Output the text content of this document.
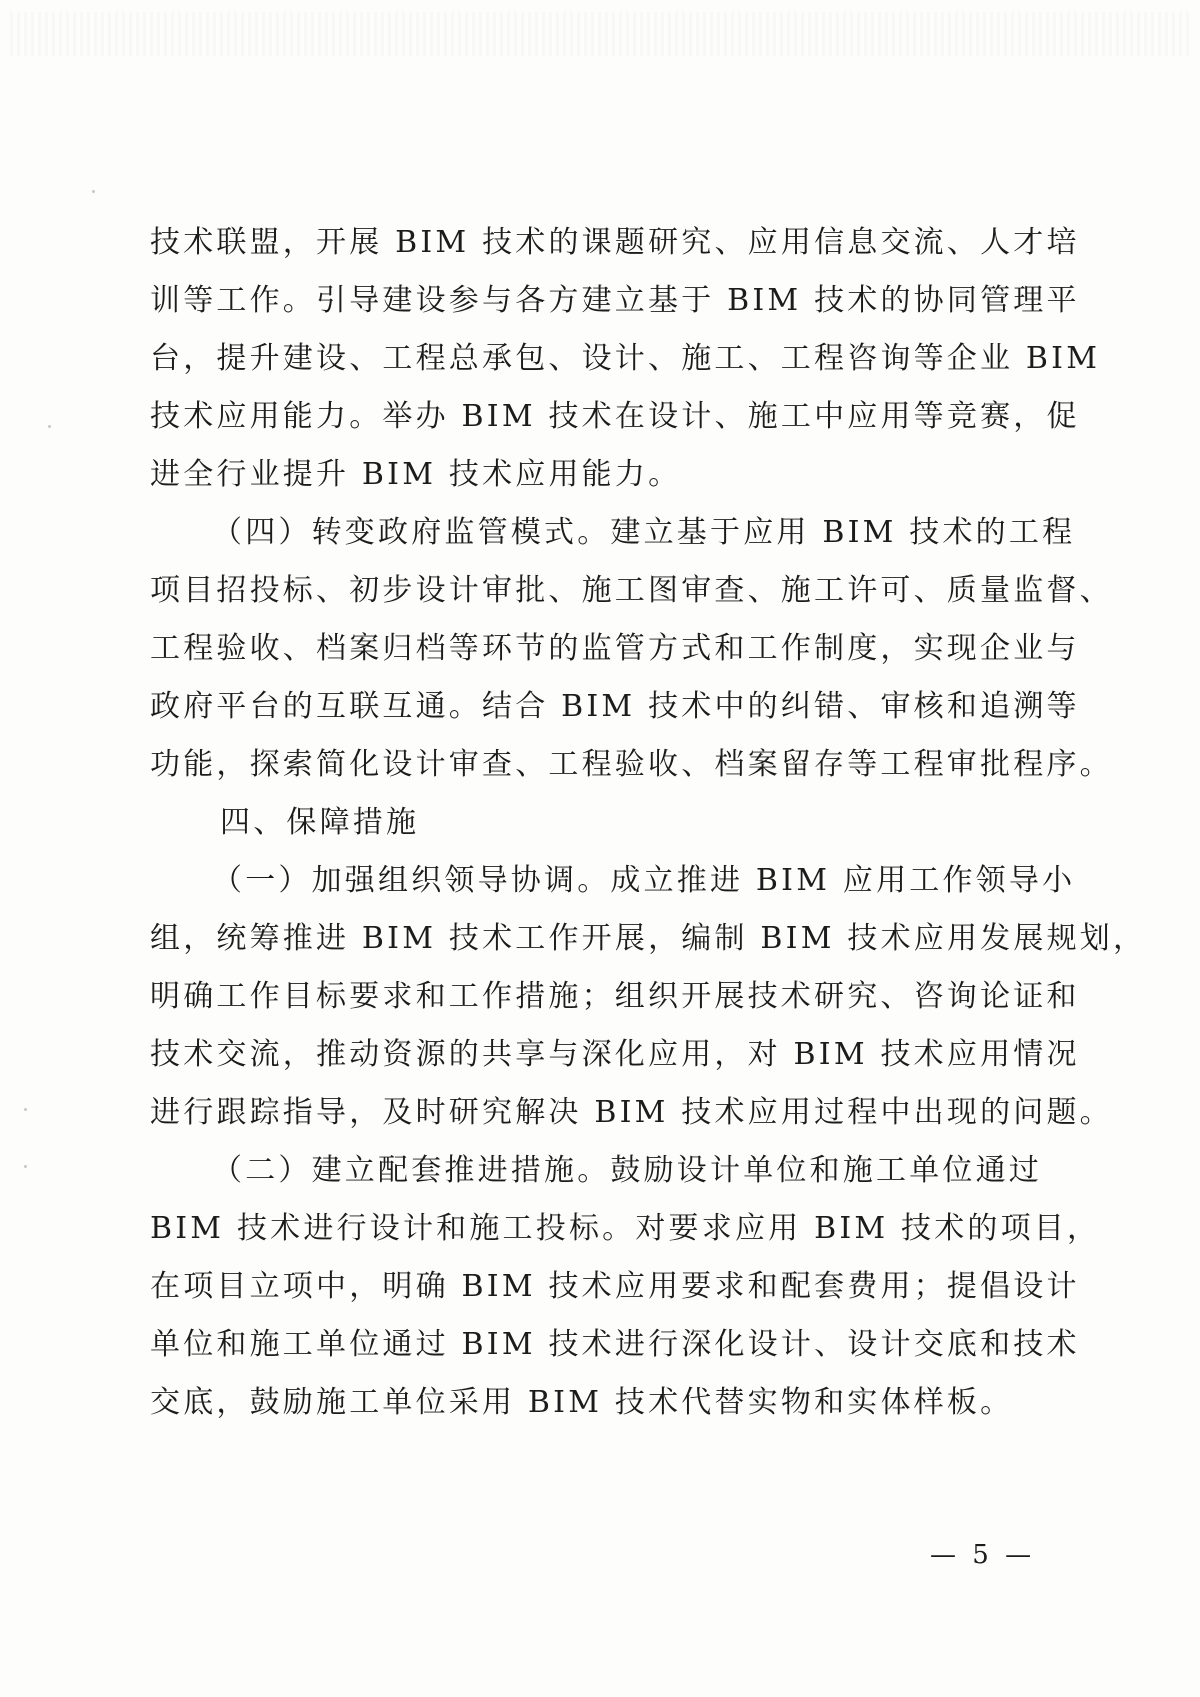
技术联盟，开展 BIM 技术的课题研究、应用信息交流、人才培
训等工作。引导建设参与各方建立基于 BIM 技术的协同管理平
台，提升建设、工程总承包、设计、施工、工程咨询等企业 BIM
技术应用能力。举办 BIM 技术在设计、施工中应用等竞赛，促
进全行业提升 BIM 技术应用能力。
（四）转变政府监管模式。建立基于应用 BIM 技术的工程
项目招投标、初步设计审批、施工图审查、施工许可、质量监督、
工程验收、档案归档等环节的监管方式和工作制度，实现企业与
政府平台的互联互通。结合 BIM 技术中的纠错、审核和追溯等
功能，探索简化设计审查、工程验收、档案留存等工程审批程序。
四、保障措施
（一）加强组织领导协调。成立推进 BIM 应用工作领导小
组，统筹推进 BIM 技术工作开展，编制 BIM 技术应用发展规划，
明确工作目标要求和工作措施；组织开展技术研究、咨询论证和
技术交流，推动资源的共享与深化应用，对 BIM 技术应用情况
进行跟踪指导，及时研究解决 BIM 技术应用过程中出现的问题。
（二）建立配套推进措施。鼓励设计单位和施工单位通过
BIM 技术进行设计和施工投标。对要求应用 BIM 技术的项目，
在项目立项中，明确 BIM 技术应用要求和配套费用；提倡设计
单位和施工单位通过 BIM 技术进行深化设计、设计交底和技术
交底，鼓励施工单位采用 BIM 技术代替实物和实体样板。
— 5 —
